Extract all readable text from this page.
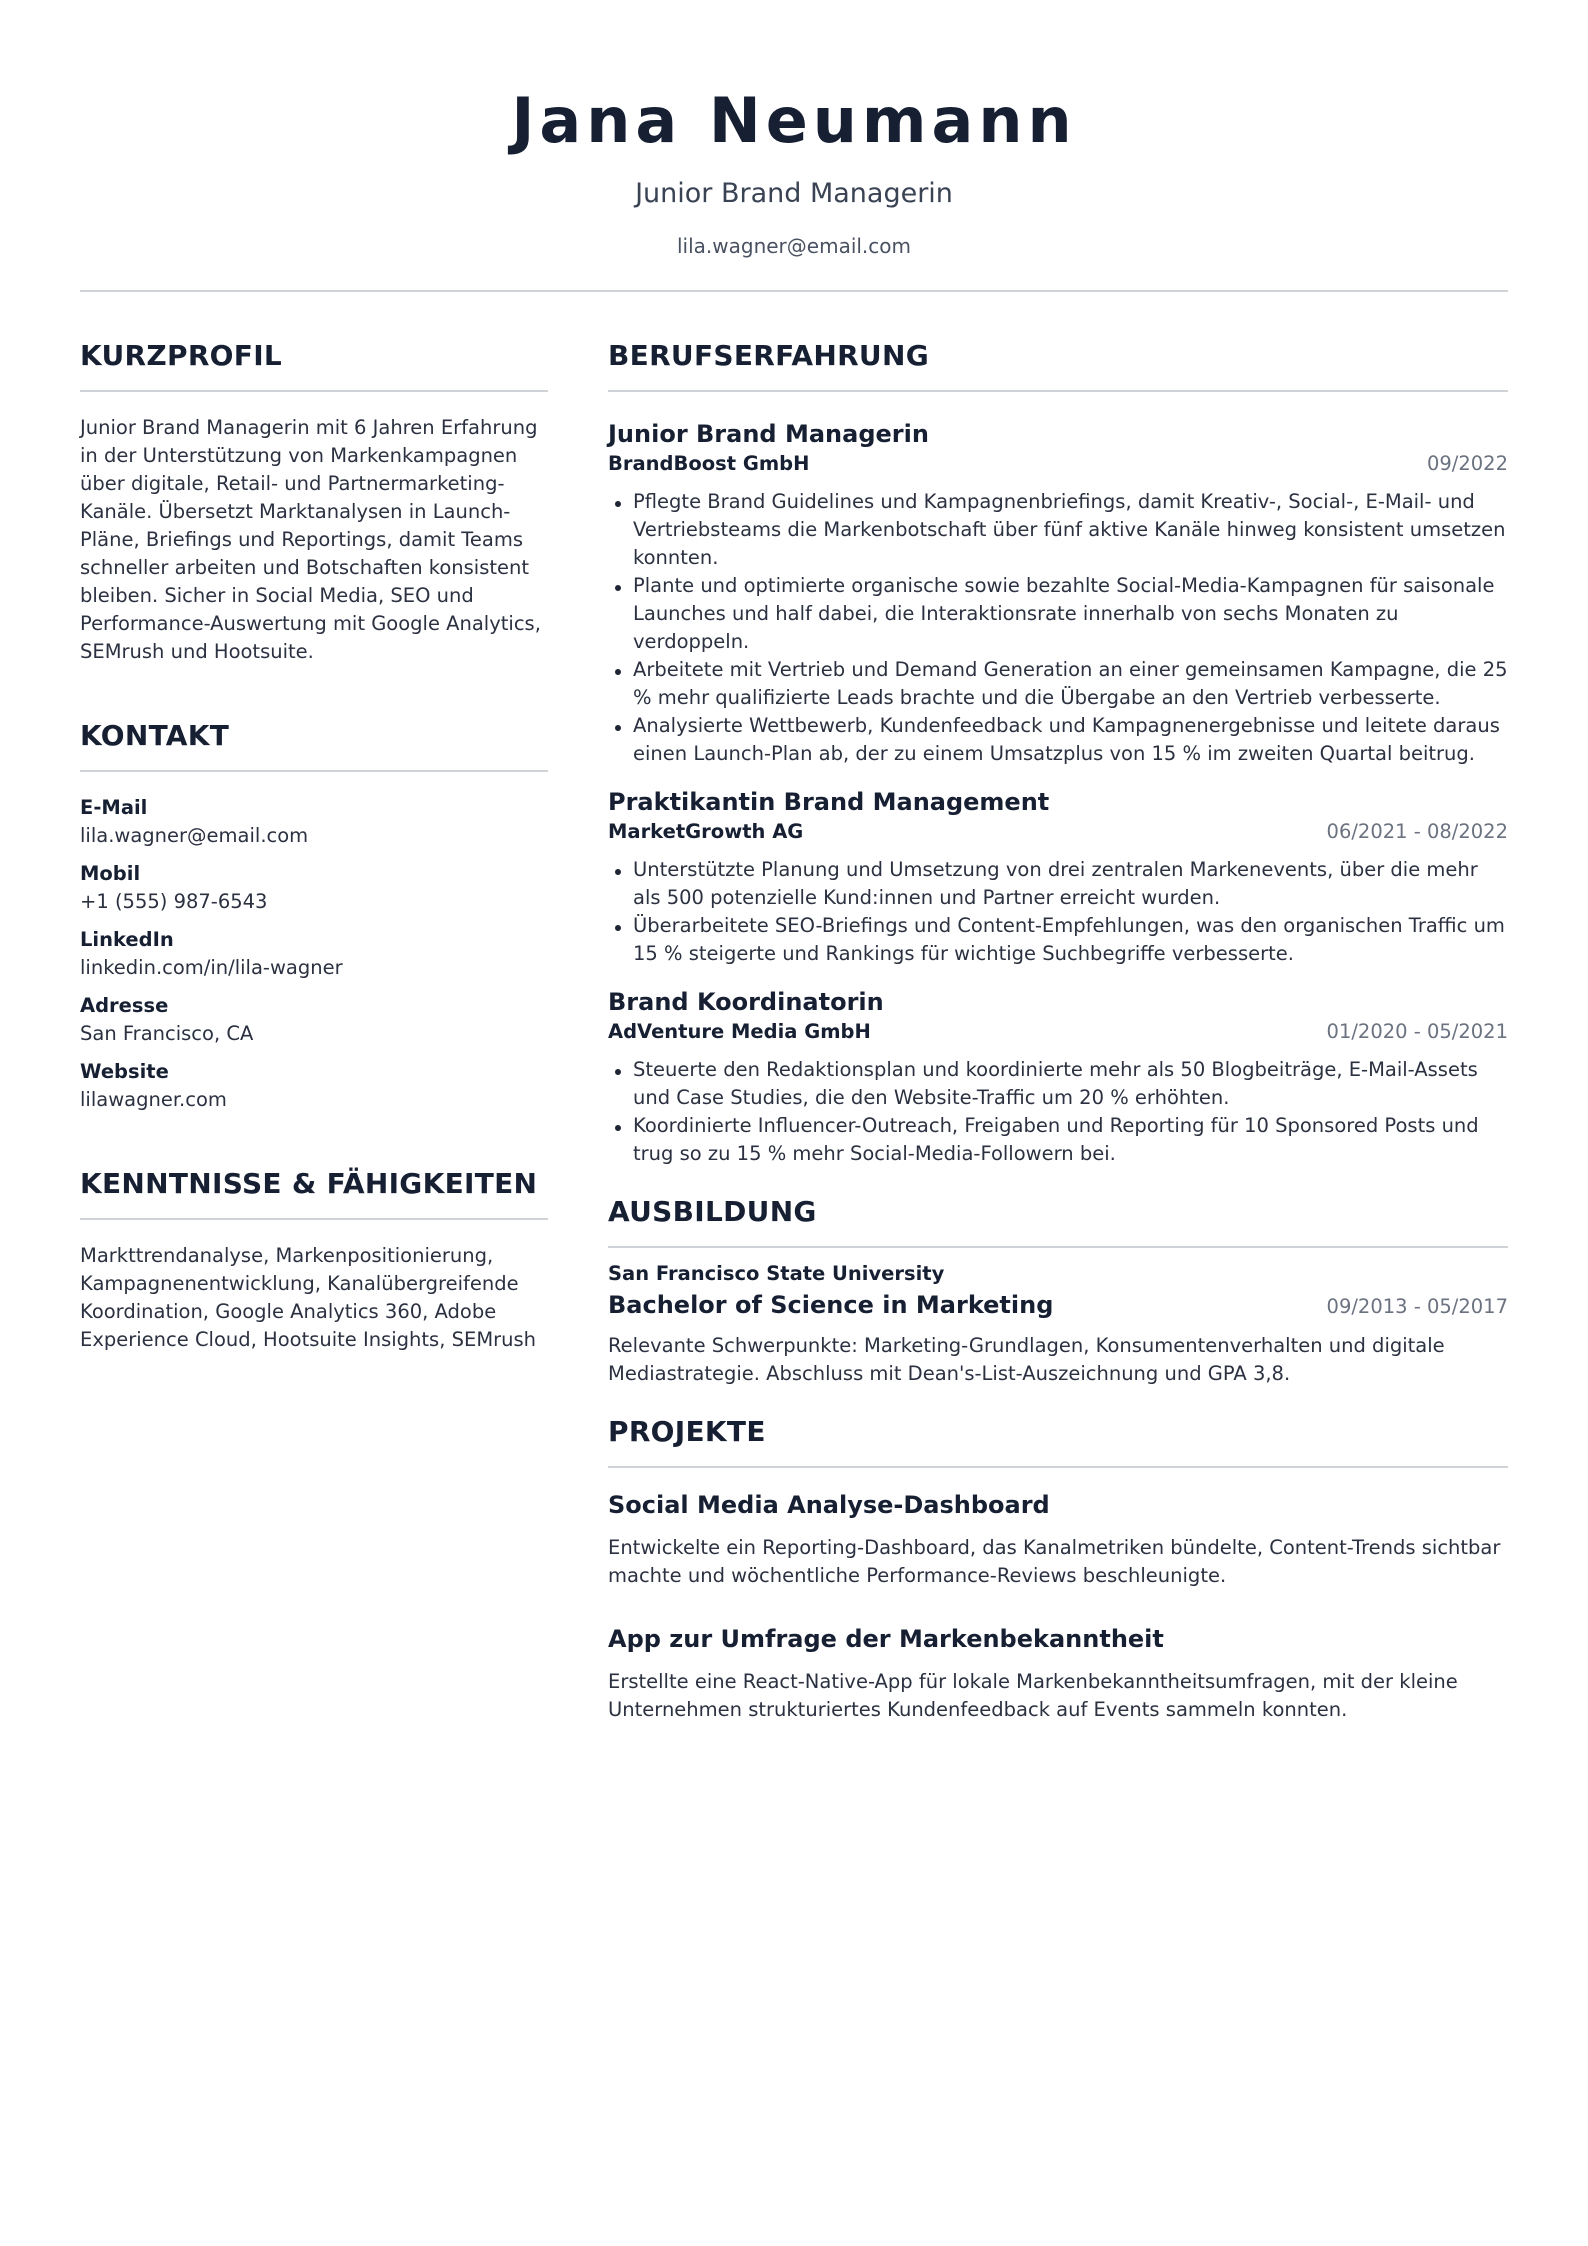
Jana Neumann
Junior Brand Managerin
lila.wagner@email.com
KURZPROFIL
Junior Brand Managerin mit 6 Jahren Erfahrung in der Unterstützung von Markenkampagnen über digitale, Retail- und Partnermarketing-Kanäle. Übersetzt Marktanalysen in Launch-Pläne, Briefings und Reportings, damit Teams schneller arbeiten und Botschaften konsistent bleiben. Sicher in Social Media, SEO und Performance-Auswertung mit Google Analytics, SEMrush und Hootsuite.
KONTAKT
E-Mail
lila.wagner@email.com
Mobil
+1 (555) 987-6543
LinkedIn
linkedin.com/in/lila-wagner
Adresse
San Francisco, CA
Website
lilawagner.com
KENNTNISSE & FÄHIGKEITEN
Markttrendanalyse, Markenpositionierung, Kampagnenentwicklung, Kanalübergreifende Koordination, Google Analytics 360, Adobe Experience Cloud, Hootsuite Insights, SEMrush
BERUFSERFAHRUNG
Junior Brand Managerin
BrandBoost GmbH	09/2022
Pflegte Brand Guidelines und Kampagnenbriefings, damit Kreativ-, Social-, E-Mail- und Vertriebsteams die Markenbotschaft über fünf aktive Kanäle hinweg konsistent umsetzen konnten.
Plante und optimierte organische sowie bezahlte Social-Media-Kampagnen für saisonale Launches und half dabei, die Interaktionsrate innerhalb von sechs Monaten zu verdoppeln.
Arbeitete mit Vertrieb und Demand Generation an einer gemeinsamen Kampagne, die 25 % mehr qualifizierte Leads brachte und die Übergabe an den Vertrieb verbesserte.
Analysierte Wettbewerb, Kundenfeedback und Kampagnenergebnisse und leitete daraus einen Launch-Plan ab, der zu einem Umsatzplus von 15 % im zweiten Quartal beitrug.
Praktikantin Brand Management
MarketGrowth AG	06/2021 - 08/2022
Unterstützte Planung und Umsetzung von drei zentralen Markenevents, über die mehr als 500 potenzielle Kund:innen und Partner erreicht wurden.
Überarbeitete SEO-Briefings und Content-Empfehlungen, was den organischen Traffic um 15 % steigerte und Rankings für wichtige Suchbegriffe verbesserte.
Brand Koordinatorin
AdVenture Media GmbH	01/2020 - 05/2021
Steuerte den Redaktionsplan und koordinierte mehr als 50 Blogbeiträge, E-Mail-Assets und Case Studies, die den Website-Traffic um 20 % erhöhten.
Koordinierte Influencer-Outreach, Freigaben und Reporting für 10 Sponsored Posts und trug so zu 15 % mehr Social-Media-Followern bei.
AUSBILDUNG
San Francisco State University
Bachelor of Science in Marketing	09/2013 - 05/2017
Relevante Schwerpunkte: Marketing-Grundlagen, Konsumentenverhalten und digitale Mediastrategie. Abschluss mit Dean's-List-Auszeichnung und GPA 3,8.
PROJEKTE
Social Media Analyse-Dashboard
Entwickelte ein Reporting-Dashboard, das Kanalmetriken bündelte, Content-Trends sichtbar machte und wöchentliche Performance-Reviews beschleunigte.
App zur Umfrage der Markenbekanntheit
Erstellte eine React-Native-App für lokale Markenbekanntheitsumfragen, mit der kleine Unternehmen strukturiertes Kundenfeedback auf Events sammeln konnten.
